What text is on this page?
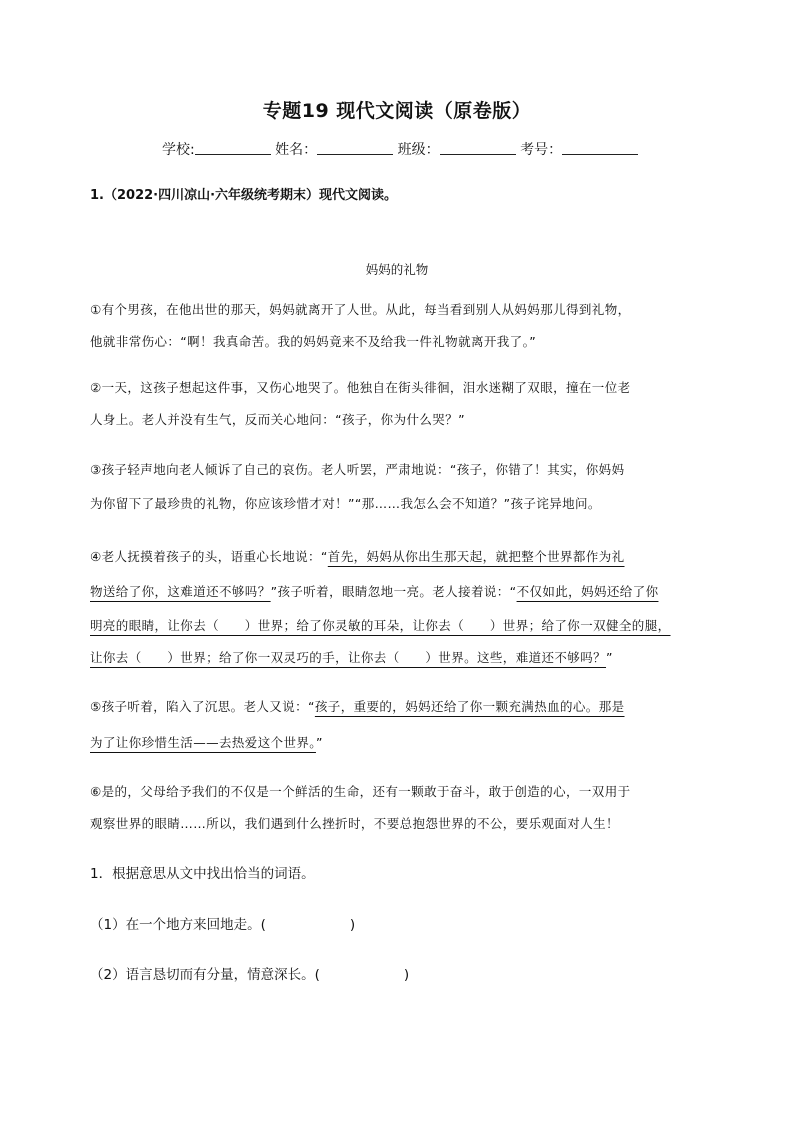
专题19 现代文阅读（原卷版）
学校:	姓名：	班级：	考号：
1.（2022·四川凉山·六年级统考期末）现代文阅读。
妈妈的礼物
①有个男孩，在他出世的那天，妈妈就离开了人世。从此，每当看到别人从妈妈那儿得到礼物，
他就非常伤心：“啊！我真命苦。我的妈妈竟来不及给我一件礼物就离开我了。”
②一天，这孩子想起这件事，又伤心地哭了。他独自在街头徘徊，泪水迷糊了双眼，撞在一位老
人身上。老人并没有生气，反而关心地问：“孩子，你为什么哭？”
③孩子轻声地向老人倾诉了自己的哀伤。老人听罢，严肃地说：“孩子，你错了！其实，你妈妈
为你留下了最珍贵的礼物，你应该珍惜才对！”“那……我怎么会不知道？”孩子诧异地问。
④老人抚摸着孩子的头，语重心长地说：“首先，妈妈从你出生那天起，就把整个世界都作为礼
物送给了你，这难道还不够吗？”孩子听着，眼睛忽地一亮。老人接着说：“不仅如此，妈妈还给了你
明亮的眼睛，让你去（　　）世界；给了你灵敏的耳朵，让你去（　　）世界；给了你一双健全的腿，
让你去（　　）世界；给了你一双灵巧的手，让你去（　　）世界。这些，难道还不够吗？”
⑤孩子听着，陷入了沉思。老人又说：“孩子，重要的，妈妈还给了你一颗充满热血的心。那是
为了让你珍惜生活——去热爱这个世界。”
⑥是的，父母给予我们的不仅是一个鲜活的生命，还有一颗敢于奋斗，敢于创造的心，一双用于
观察世界的眼睛……所以，我们遇到什么挫折时，不要总抱怨世界的不公，要乐观面对人生！
1．根据意思从文中找出恰当的词语。
（1）在一个地方来回地走。(	)
（2）语言恳切而有分量，情意深长。(	)
